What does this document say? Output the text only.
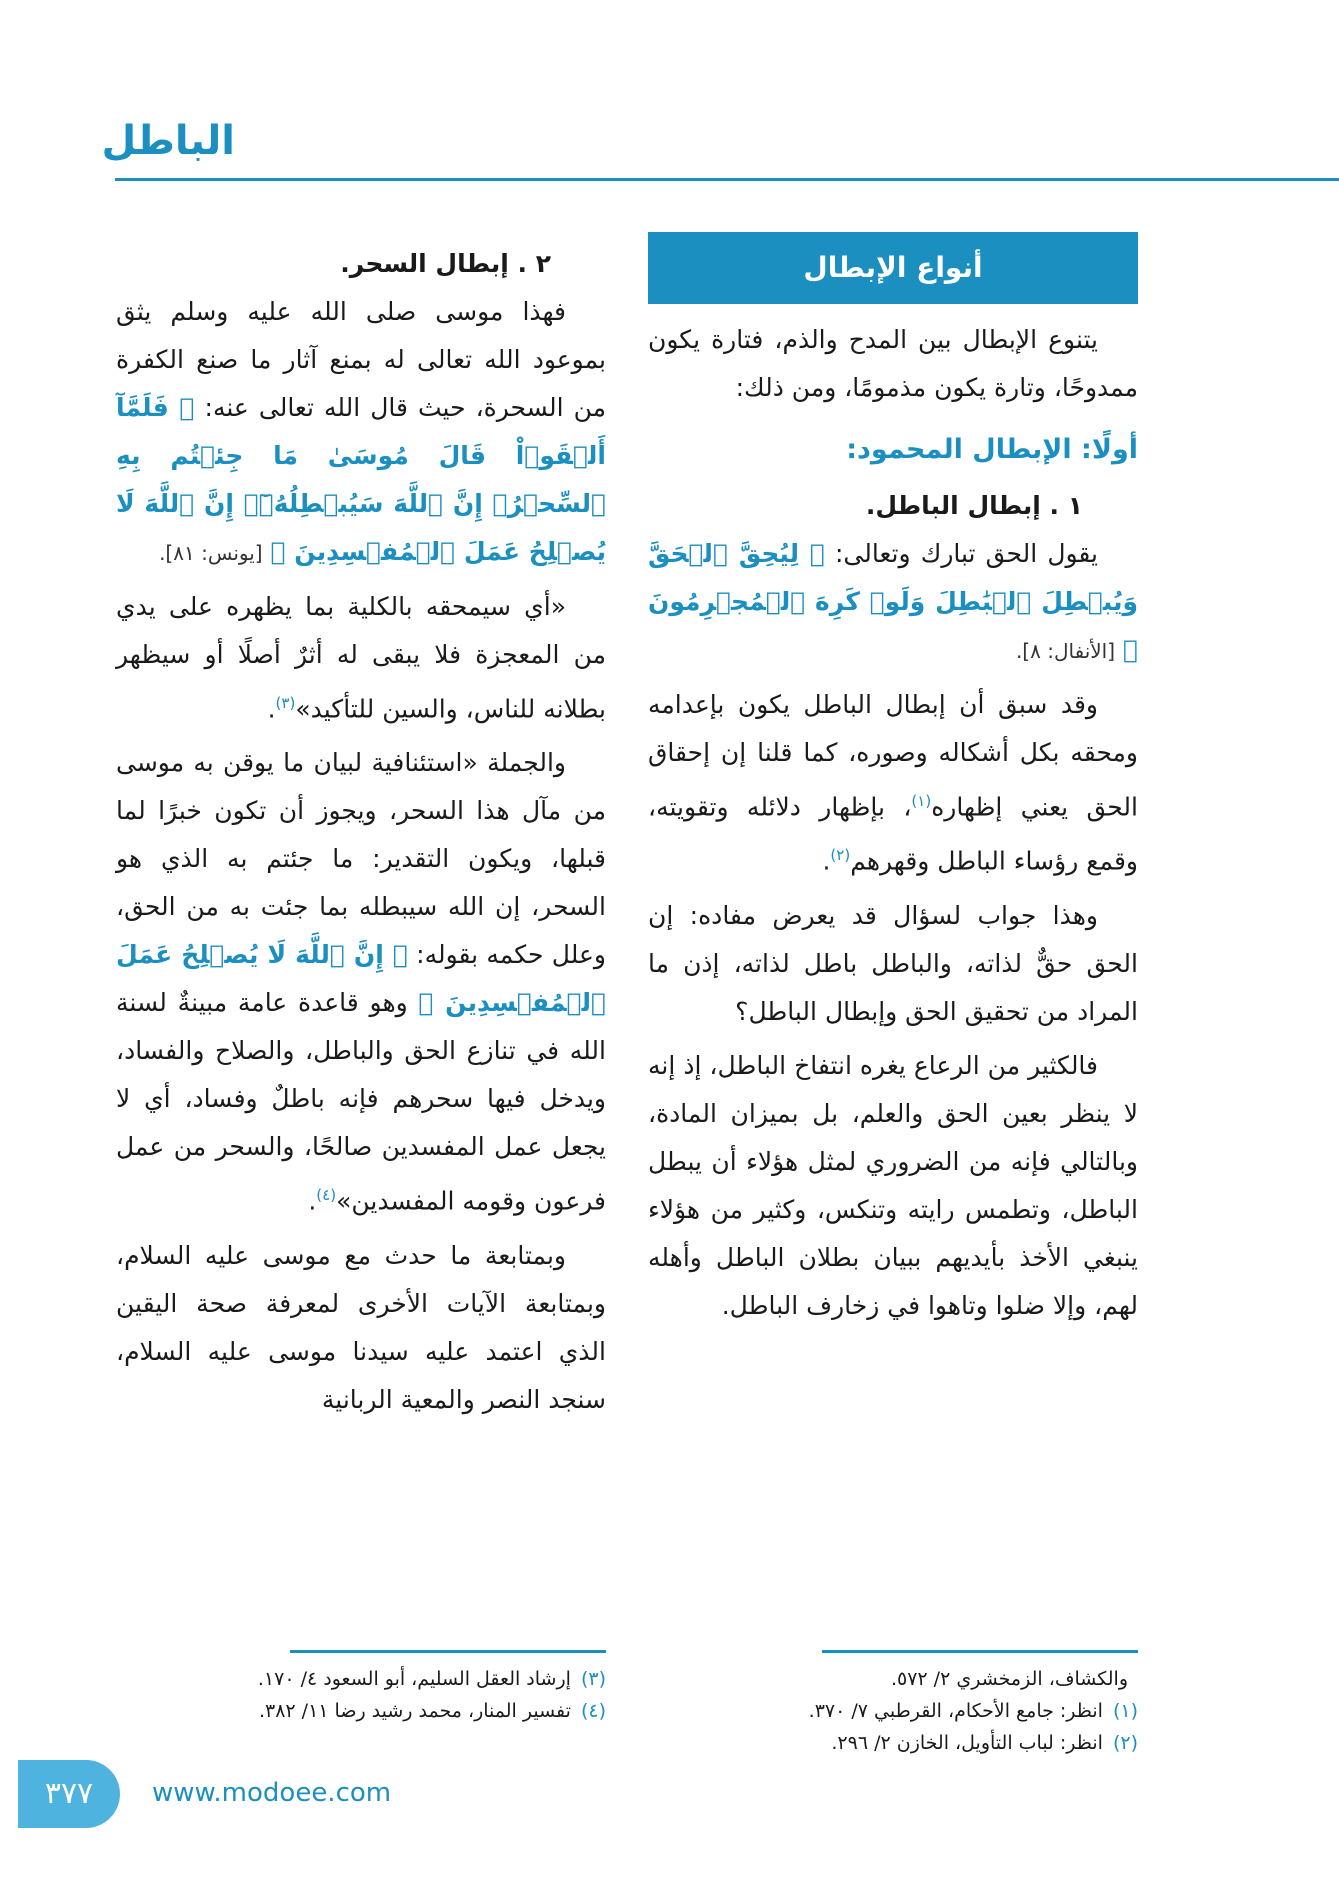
الباطل
أنواع الإبطال

يتنوع الإبطال بين المدح والذم، فتارة يكون ممدوحًا، وتارة يكون مذمومًا، ومن ذلك:

أولًا: الإبطال المحمود:
١ . إبطال الباطل.

يقول الحق تبارك وتعالى: ﴿ لِيُحِقَّ ٱلۡحَقَّ وَيُبۡطِلَ ٱلۡبَٰطِلَ وَلَوۡ كَرِهَ ٱلۡمُجۡرِمُونَ ﴾ [الأنفال: ٨].

وقد سبق أن إبطال الباطل يكون بإعدامه ومحقه بكل أشكاله وصوره، كما قلنا إن إحقاق الحق يعني إظهاره$^{(١)}$، بإظهار دلائله وتقويته، وقمع رؤساء الباطل وقهرهم$^{(٢)}$.

وهذا جواب لسؤال قد يعرض مفاده: إن الحق حقٌّ لذاته، والباطل باطل لذاته، إذن ما المراد من تحقيق الحق وإبطال الباطل؟

فالكثير من الرعاع يغره انتفاخ الباطل، إذ إنه لا ينظر بعين الحق والعلم، بل بميزان المادة، وبالتالي فإنه من الضروري لمثل هؤلاء أن يبطل الباطل، وتطمس رايته وتنكس، وكثير من هؤلاء ينبغي الأخذ بأيديهم ببيان بطلان الباطل وأهله لهم، وإلا ضلوا وتاهوا في زخارف الباطل.

٢ . إبطال السحر.

فهذا موسى صلى الله عليه وسلم يثق بموعود الله تعالى له بمنع آثار ما صنع الكفرة من السحرة، حيث قال الله تعالى عنه: ﴿ فَلَمَّآ أَلۡقَوۡاْ قَالَ مُوسَىٰ مَا جِئۡتُم بِهِ ٱلسِّحۡرُۖ إِنَّ ٱللَّهَ سَيُبۡطِلُهُۥٓۖ إِنَّ ٱللَّهَ لَا يُصۡلِحُ عَمَلَ ٱلۡمُفۡسِدِينَ ﴾ [يونس: ٨١].

«أي سيمحقه بالكلية بما يظهره على يدي من المعجزة فلا يبقى له أثرٌ أصلًا أو سيظهر بطلانه للناس، والسين للتأكيد»$^{(٣)}$.

والجملة «استئنافية لبيان ما يوقن به موسى من مآل هذا السحر، ويجوز أن تكون خبرًا لما قبلها، ويكون التقدير: ما جئتم به الذي هو السحر، إن الله سيبطله بما جئت به من الحق، وعلل حكمه بقوله: ﴿ إِنَّ ٱللَّهَ لَا يُصۡلِحُ عَمَلَ ٱلۡمُفۡسِدِينَ ﴾ وهو قاعدة عامة مبينةٌ لسنة الله في تنازع الحق والباطل، والصلاح والفساد، ويدخل فيها سحرهم فإنه باطلٌ وفساد، أي لا يجعل عمل المفسدين صالحًا، والسحر من عمل فرعون وقومه المفسدين»$^{(٤)}$.

وبمتابعة ما حدث مع موسى عليه السلام، وبمتابعة الآيات الأخرى لمعرفة صحة اليقين الذي اعتمد عليه سيدنا موسى عليه السلام، سنجد النصر والمعية الربانية

والكشاف، الزمخشري ٢/ ٥٧٢.
(١)انظر: جامع الأحكام، القرطبي ٧/ ٣٧٠.
(٢)انظر: لباب التأويل، الخازن ٢/ ٢٩٦.
(٣)إرشاد العقل السليم، أبو السعود ٤/ ١٧٠.
(٤)تفسير المنار، محمد رشيد رضا ١١/ ٣٨٢.
٣٧٧	www.modoee.com
